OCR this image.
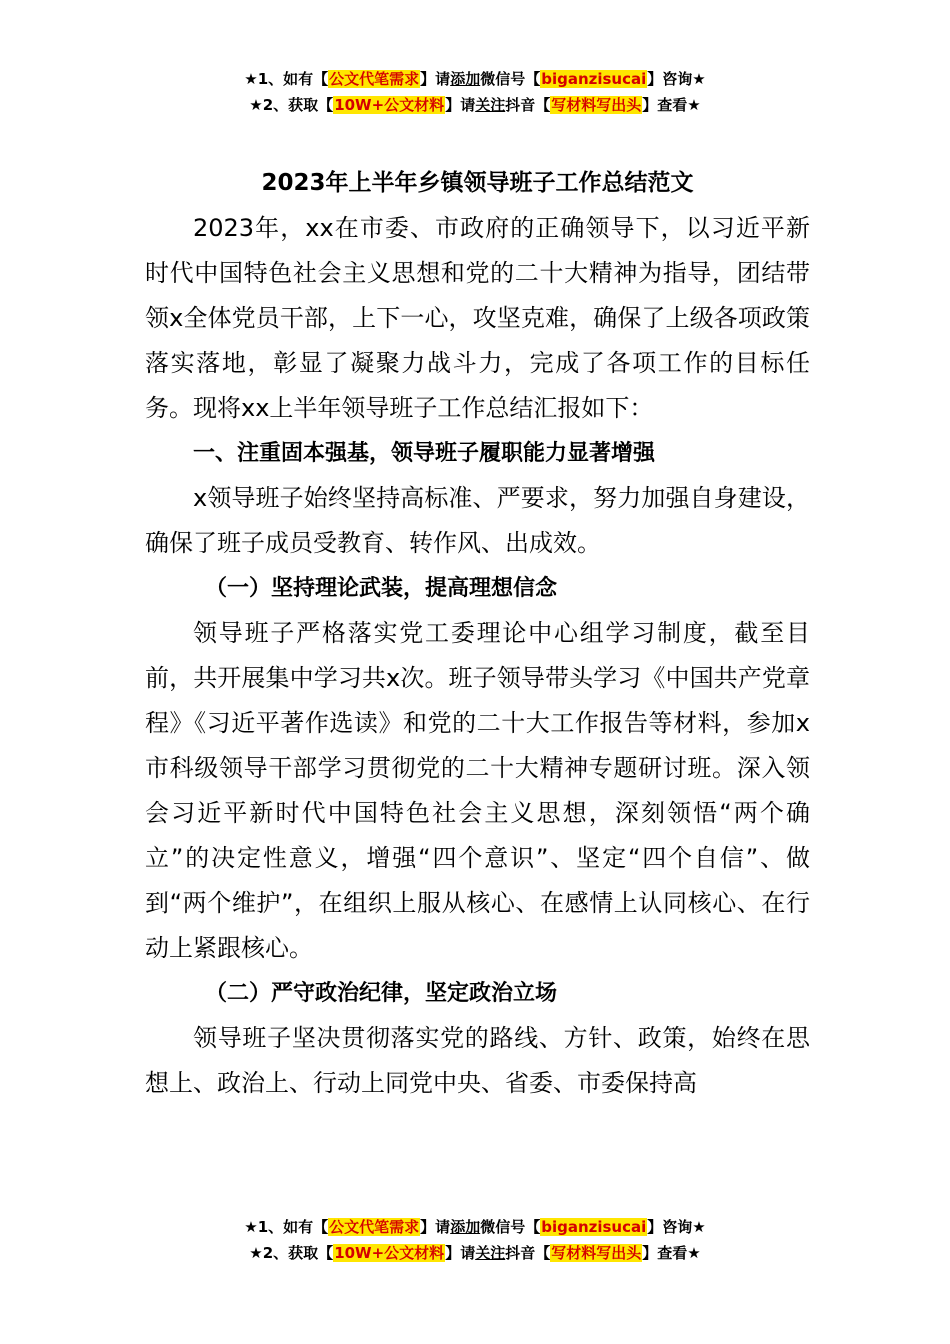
★1、如有【公文代笔需求】请添加微信号【biganzisucai】咨询★
★2、获取【10W+公文材料】请关注抖音【写材料写出头】查看★
2023年上半年乡镇领导班子工作总结范文

2023年，xx在市委、市政府的正确领导下，以习近平新时代中国特色社会主义思想和党的二十大精神为指导，团结带领x全体党员干部，上下一心，攻坚克难，确保了上级各项政策落实落地，彰显了凝聚力战斗力，完成了各项工作的目标任务。现将xx上半年领导班子工作总结汇报如下：

一、注重固本强基，领导班子履职能力显著增强

x领导班子始终坚持高标准、严要求，努力加强自身建设，确保了班子成员受教育、转作风、出成效。

（一）坚持理论武装，提高理想信念

领导班子严格落实党工委理论中心组学习制度，截至目前，共开展集中学习共x次。班子领导带头学习《中国共产党章程》《习近平著作选读》和党的二十大工作报告等材料，参加x市科级领导干部学习贯彻党的二十大精神专题研讨班。深入领会习近平新时代中国特色社会主义思想，深刻领悟“两个确立”的决定性意义，增强“四个意识”、坚定“四个自信”、做到“两个维护”，在组织上服从核心、在感情上认同核心、在行动上紧跟核心。

（二）严守政治纪律，坚定政治立场

领导班子坚决贯彻落实党的路线、方针、政策，始终在思想上、政治上、行动上同党中央、省委、市委保持高

★1、如有【公文代笔需求】请添加微信号【biganzisucai】咨询★
★2、获取【10W+公文材料】请关注抖音【写材料写出头】查看★
